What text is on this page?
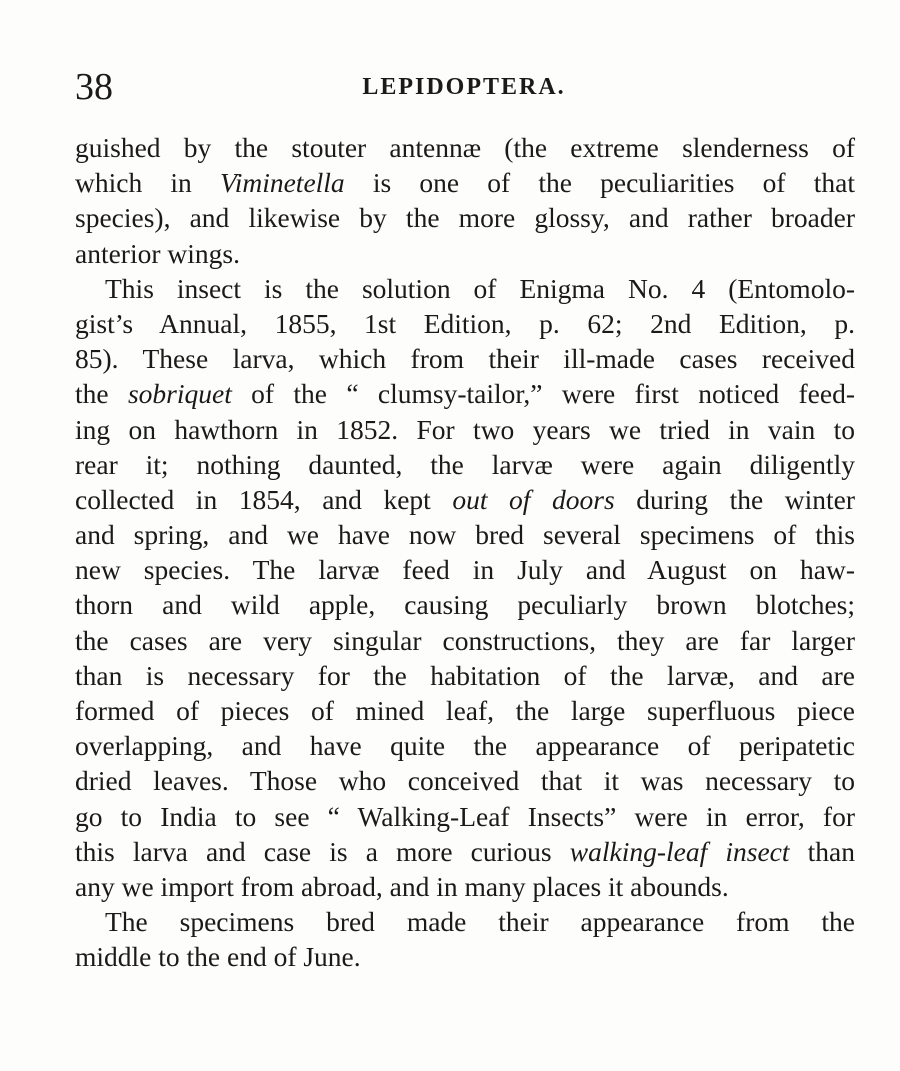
38	LEPIDOPTERA.
guished by the stouter antennæ (the extreme slenderness of
which in Viminetella is one of the peculiarities of that
species), and likewise by the more glossy, and rather broader
anterior wings.
This insect is the solution of Enigma No. 4 (Entomolo-
gist’s Annual, 1855, 1st Edition, p. 62; 2nd Edition, p.
85). These larva, which from their ill-made cases received
the sobriquet of the “ clumsy-tailor,” were first noticed feed-
ing on hawthorn in 1852. For two years we tried in vain to
rear it; nothing daunted, the larvæ were again diligently
collected in 1854, and kept out of doors during the winter
and spring, and we have now bred several specimens of this
new species. The larvæ feed in July and August on haw-
thorn and wild apple, causing peculiarly brown blotches;
the cases are very singular constructions, they are far larger
than is necessary for the habitation of the larvæ, and are
formed of pieces of mined leaf, the large superfluous piece
overlapping, and have quite the appearance of peripatetic
dried leaves. Those who conceived that it was necessary to
go to India to see “ Walking-Leaf Insects” were in error, for
this larva and case is a more curious walking-leaf insect than
any we import from abroad, and in many places it abounds.
The specimens bred made their appearance from the
middle to the end of June.
